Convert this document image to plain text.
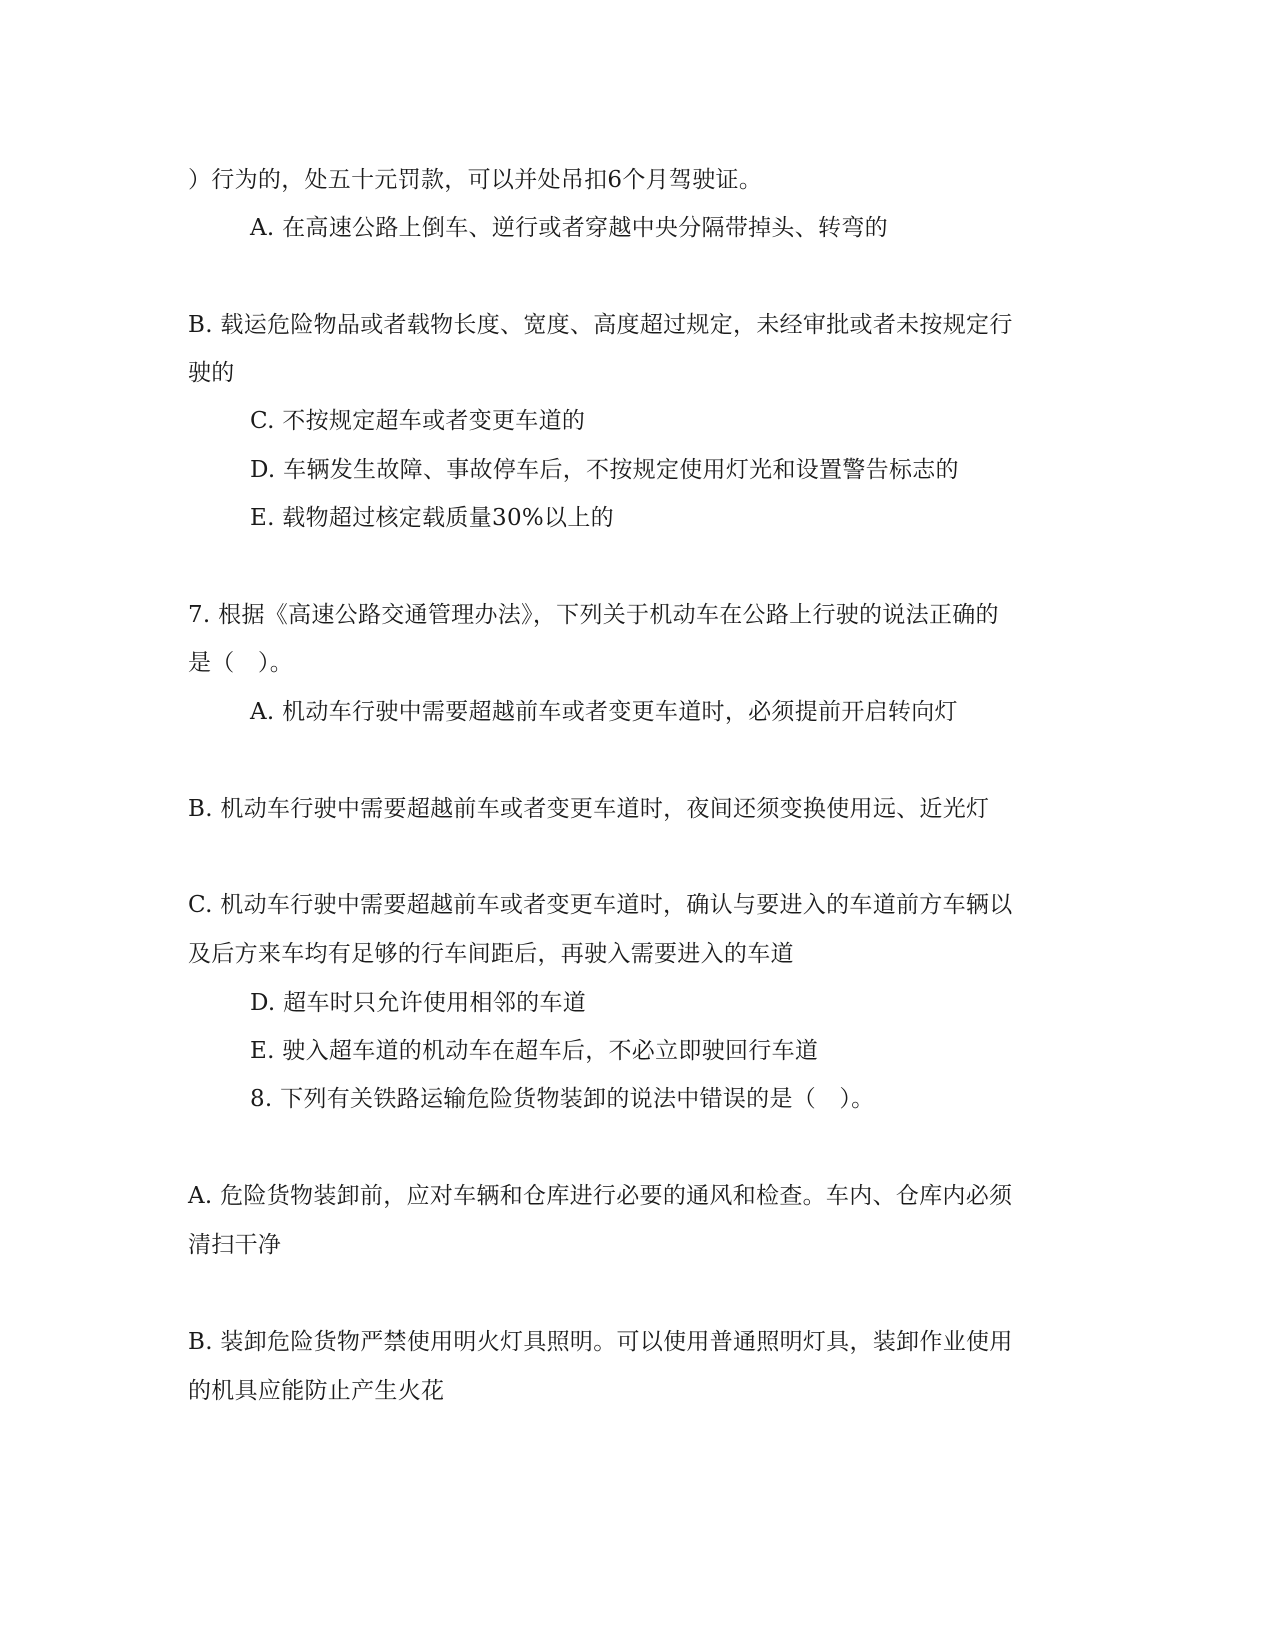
）行为的，处五十元罚款，可以并处吊扣6个月驾驶证。
A. 在高速公路上倒车、逆行或者穿越中央分隔带掉头、转弯的
B. 载运危险物品或者载物长度、宽度、高度超过规定，未经审批或者未按规定行
驶的
C. 不按规定超车或者变更车道的
D. 车辆发生故障、事故停车后，不按规定使用灯光和设置警告标志的
E. 载物超过核定载质量30%以上的
7. 根据《高速公路交通管理办法》，下列关于机动车在公路上行驶的说法正确的
是（　）。
A. 机动车行驶中需要超越前车或者变更车道时，必须提前开启转向灯
B. 机动车行驶中需要超越前车或者变更车道时，夜间还须变换使用远、近光灯
C. 机动车行驶中需要超越前车或者变更车道时，确认与要进入的车道前方车辆以
及后方来车均有足够的行车间距后，再驶入需要进入的车道
D. 超车时只允许使用相邻的车道
E. 驶入超车道的机动车在超车后，不必立即驶回行车道
8. 下列有关铁路运输危险货物装卸的说法中错误的是（　）。
A. 危险货物装卸前，应对车辆和仓库进行必要的通风和检查。车内、仓库内必须
清扫干净
B. 装卸危险货物严禁使用明火灯具照明。可以使用普通照明灯具，装卸作业使用
的机具应能防止产生火花
